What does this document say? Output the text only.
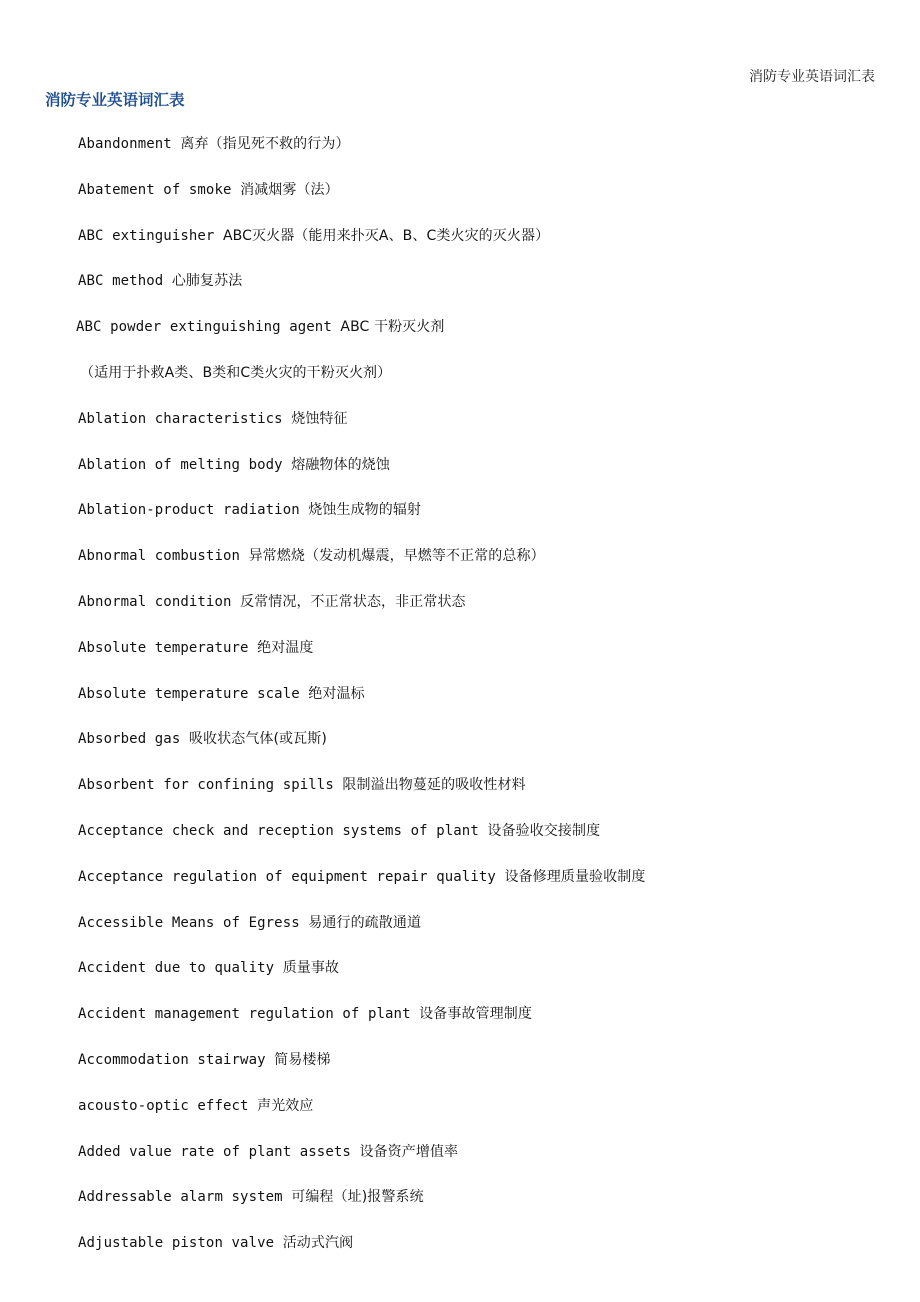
消防专业英语词汇表
消防专业英语词汇表
Abandonment 离弃（指见死不救的行为）
Abatement of smoke 消减烟雾（法）
ABC extinguisher ABC灭火器（能用来扑灭A、B、C类火灾的灭火器）
ABC method 心肺复苏法
ABC powder extinguishing agent ABC 干粉灭火剂
（适用于扑救A类、B类和C类火灾的干粉灭火剂）
Ablation characteristics 烧蚀特征
Ablation of melting body 熔融物体的烧蚀
Ablation-product radiation 烧蚀生成物的辐射
Abnormal combustion 异常燃烧（发动机爆震，早燃等不正常的总称）
Abnormal condition 反常情况，不正常状态，非正常状态
Absolute temperature 绝对温度
Absolute temperature scale 绝对温标
Absorbed gas 吸收状态气体(或瓦斯)
Absorbent for confining spills 限制溢出物蔓延的吸收性材料
Acceptance check and reception systems of plant 设备验收交接制度
Acceptance regulation of equipment repair quality 设备修理质量验收制度
Accessible Means of Egress 易通行的疏散通道
Accident due to quality 质量事故
Accident management regulation of plant 设备事故管理制度
Accommodation stairway 简易楼梯
acousto-optic effect 声光效应
Added value rate of plant assets 设备资产增值率
Addressable alarm system 可编程（址)报警系统
Adjustable piston valve 活动式汽阀
